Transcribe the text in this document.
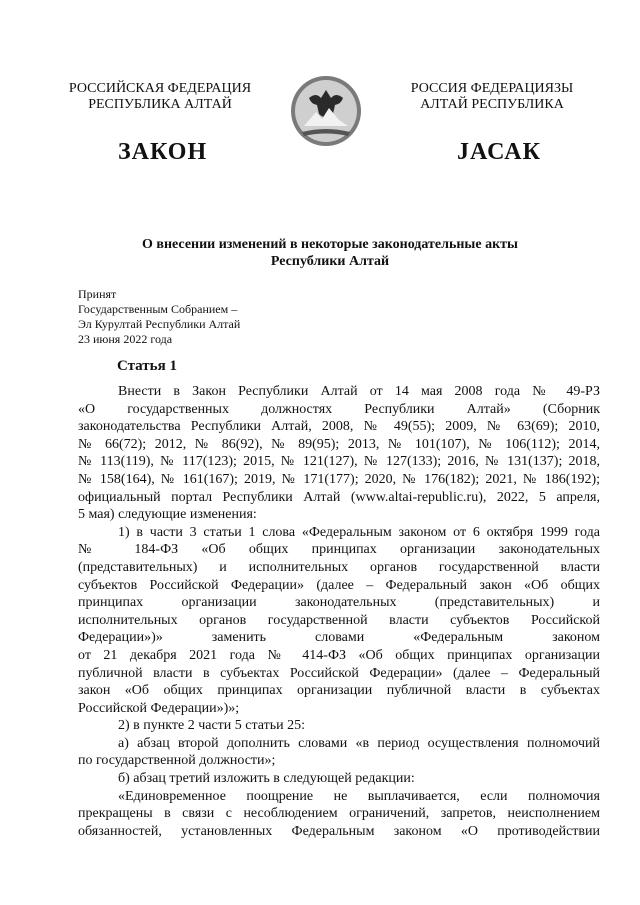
РОССИЙСКАЯ ФЕДЕРАЦИЯ
РЕСПУБЛИКА АЛТАЙ
РОССИЯ ФЕДЕРАЦИЯЗЫ
АЛТАЙ РЕСПУБЛИКА
ЗАКОН	ЈАСАК
О внесении изменений в некоторые законодательные акты
Республики Алтай
Принят
Государственным Собранием –
Эл Курултай Республики Алтай
23 июня 2022 года
Статья 1

Внести в Закон Республики Алтай от 14 мая 2008 года № 49-РЗ

«О государственных должностях Республики Алтай» (Сборник

законодательства Республики Алтай, 2008, № 49(55); 2009, № 63(69); 2010,

№ 66(72); 2012, № 86(92), № 89(95); 2013, № 101(107), № 106(112); 2014,

№ 113(119), № 117(123); 2015, № 121(127), № 127(133); 2016, № 131(137); 2018,

№ 158(164), № 161(167); 2019, № 171(177); 2020, № 176(182); 2021, № 186(192);

официальный портал Республики Алтай (www.altai-republic.ru), 2022, 5 апреля,

5 мая) следующие изменения:

1) в части 3 статьи 1 слова «Федеральным законом от 6 октября 1999 года

№ 184-ФЗ «Об общих принципах организации законодательных

(представительных) и исполнительных органов государственной власти

субъектов Российской Федерации» (далее – Федеральный закон «Об общих

принципах организации законодательных (представительных) и

исполнительных органов государственной власти субъектов Российской

Федерации»)» заменить словами «Федеральным законом

от 21 декабря 2021 года № 414-ФЗ «Об общих принципах организации

публичной власти в субъектах Российской Федерации» (далее – Федеральный

закон «Об общих принципах организации публичной власти в субъектах

Российской Федерации»)»;

2) в пункте 2 части 5 статьи 25:

а) абзац второй дополнить словами «в период осуществления полномочий

по государственной должности»;

б) абзац третий изложить в следующей редакции:

«Единовременное поощрение не выплачивается, если полномочия

прекращены в связи с несоблюдением ограничений, запретов, неисполнением

обязанностей, установленных Федеральным законом «О противодействии
